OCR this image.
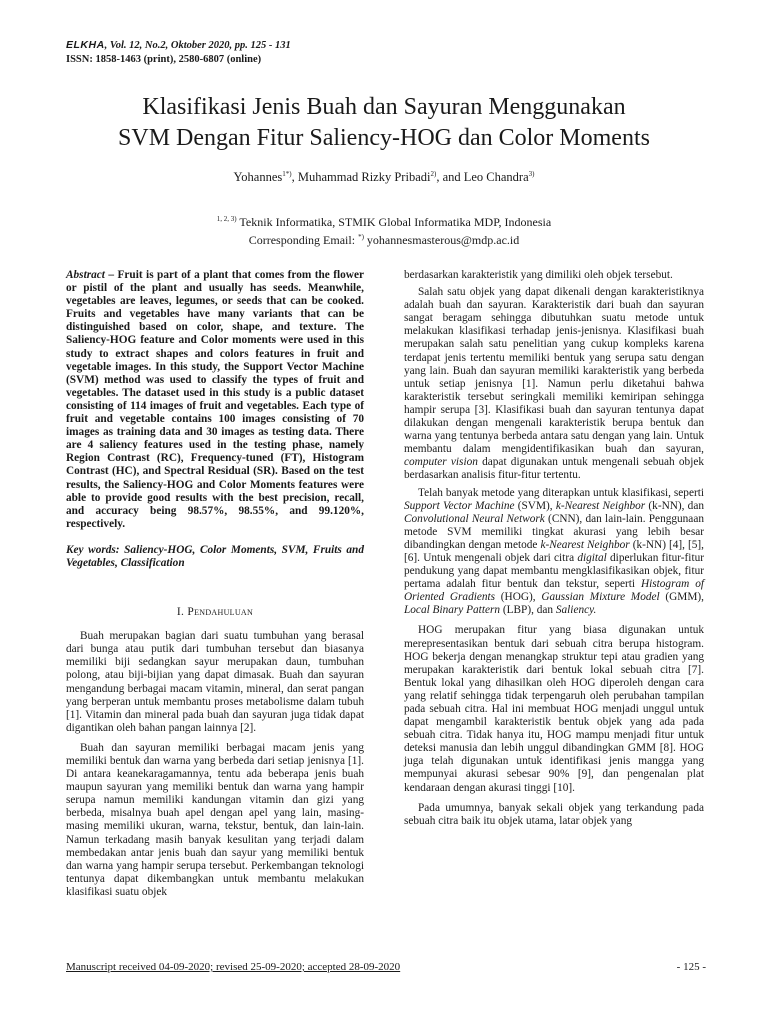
ELKHA, Vol. 12, No.2, Oktober 2020, pp. 125 - 131
ISSN: 1858-1463 (print), 2580-6807 (online)
Klasifikasi Jenis Buah dan Sayuran Menggunakan
SVM Dengan Fitur Saliency-HOG dan Color Moments
Yohannes$^{1*)}$, Muhammad Rizky Pribadi$^{2)}$, and Leo Chandra$^{3)}$
$^{1, 2, 3)}$ Teknik Informatika, STMIK Global Informatika MDP, Indonesia
Corresponding Email: *) yohannesmasterous@mdp.ac.id
Abstract – Fruit is part of a plant that comes from the flower or pistil of the plant and usually has seeds. Meanwhile, vegetables are leaves, legumes, or seeds that can be cooked. Fruits and vegetables have many variants that can be distinguished based on color, shape, and texture. The Saliency-HOG feature and Color moments were used in this study to extract shapes and colors features in fruit and vegetable images. In this study, the Support Vector Machine (SVM) method was used to classify the types of fruit and vegetables. The dataset used in this study is a public dataset consisting of 114 images of fruit and vegetables. Each type of fruit and vegetable contains 100 images consisting of 70 images as training data and 30 images as testing data. There are 4 saliency features used in the testing phase, namely Region Contrast (RC), Frequency-tuned (FT), Histogram Contrast (HC), and Spectral Residual (SR). Based on the test results, the Saliency-HOG and Color Moments features were able to provide good results with the best precision, recall, and accuracy being 98.57%, 98.55%, and 99.120%, respectively.
Key words: Saliency-HOG, Color Moments, SVM, Fruits and Vegetables, Classification
I. Pendahuluan

Buah merupakan bagian dari suatu tumbuhan yang berasal dari bunga atau putik dari tumbuhan tersebut dan biasanya memiliki biji sedangkan sayur merupakan daun, tumbuhan polong, atau biji-bijian yang dapat dimasak. Buah dan sayuran mengandung berbagai macam vitamin, mineral, dan serat pangan yang berperan untuk membantu proses metabolisme dalam tubuh [1]. Vitamin dan mineral pada buah dan sayuran juga tidak dapat digantikan oleh bahan pangan lainnya [2].

Buah dan sayuran memiliki berbagai macam jenis yang memiliki bentuk dan warna yang berbeda dari setiap jenisnya [1]. Di antara keanekaragamannya, tentu ada beberapa jenis buah maupun sayuran yang memiliki bentuk dan warna yang hampir serupa namun memiliki kandungan vitamin dan gizi yang berbeda, misalnya buah apel dengan apel yang lain, masing-masing memiliki ukuran, warna, tekstur, bentuk, dan lain-lain. Namun terkadang masih banyak kesulitan yang terjadi dalam membedakan antar jenis buah dan sayur yang memiliki bentuk dan warna yang hampir serupa tersebut. Perkembangan teknologi tentunya dapat dikembangkan untuk membantu melakukan klasifikasi suatu objek

berdasarkan karakteristik yang dimiliki oleh objek tersebut.

Salah satu objek yang dapat dikenali dengan karakteristiknya adalah buah dan sayuran. Karakteristik dari buah dan sayuran sangat beragam sehingga dibutuhkan suatu metode untuk melakukan klasifikasi terhadap jenis-jenisnya. Klasifikasi buah merupakan salah satu penelitian yang cukup kompleks karena terdapat jenis tertentu memiliki bentuk yang serupa satu dengan yang lain. Buah dan sayuran memiliki karakteristik yang berbeda untuk setiap jenisnya [1]. Namun perlu diketahui bahwa karakteristik tersebut seringkali memiliki kemiripan sehingga hampir serupa [3]. Klasifikasi buah dan sayuran tentunya dapat dilakukan dengan mengenali karakteristik berupa bentuk dan warna yang tentunya berbeda antara satu dengan yang lain. Untuk membantu dalam mengidentifikasikan buah dan sayuran, computer vision dapat digunakan untuk mengenali sebuah objek berdasarkan analisis fitur-fitur tertentu.

Telah banyak metode yang diterapkan untuk klasifikasi, seperti Support Vector Machine (SVM), k-Nearest Neighbor (k-NN), dan Convolutional Neural Network (CNN), dan lain-lain. Penggunaan metode SVM memiliki tingkat akurasi yang lebih besar dibandingkan dengan metode k-Nearest Neighbor (k-NN) [4], [5], [6]. Untuk mengenali objek dari citra digital diperlukan fitur-fitur pendukung yang dapat membantu mengklasifikasikan objek, fitur pertama adalah fitur bentuk dan tekstur, seperti Histogram of Oriented Gradients (HOG), Gaussian Mixture Model (GMM), Local Binary Pattern (LBP), dan Saliency.

HOG merupakan fitur yang biasa digunakan untuk merepresentasikan bentuk dari sebuah citra berupa histogram. HOG bekerja dengan menangkap struktur tepi atau gradien yang merupakan karakteristik dari bentuk lokal sebuah citra [7]. Bentuk lokal yang dihasilkan oleh HOG diperoleh dengan cara yang relatif sehingga tidak terpengaruh oleh perubahan tampilan pada sebuah citra. Hal ini membuat HOG menjadi unggul untuk dapat mengambil karakteristik bentuk objek yang ada pada sebuah citra. Tidak hanya itu, HOG mampu menjadi fitur untuk deteksi manusia dan lebih unggul dibandingkan GMM [8]. HOG juga telah digunakan untuk identifikasi jenis mangga yang mempunyai akurasi sebesar 90% [9], dan pengenalan plat kendaraan dengan akurasi tinggi [10].

Pada umumnya, banyak sekali objek yang terkandung pada sebuah citra baik itu objek utama, latar objek yang

Manuscript received 04-09-2020; revised 25-09-2020; accepted 28-09-2020	- 125 -
